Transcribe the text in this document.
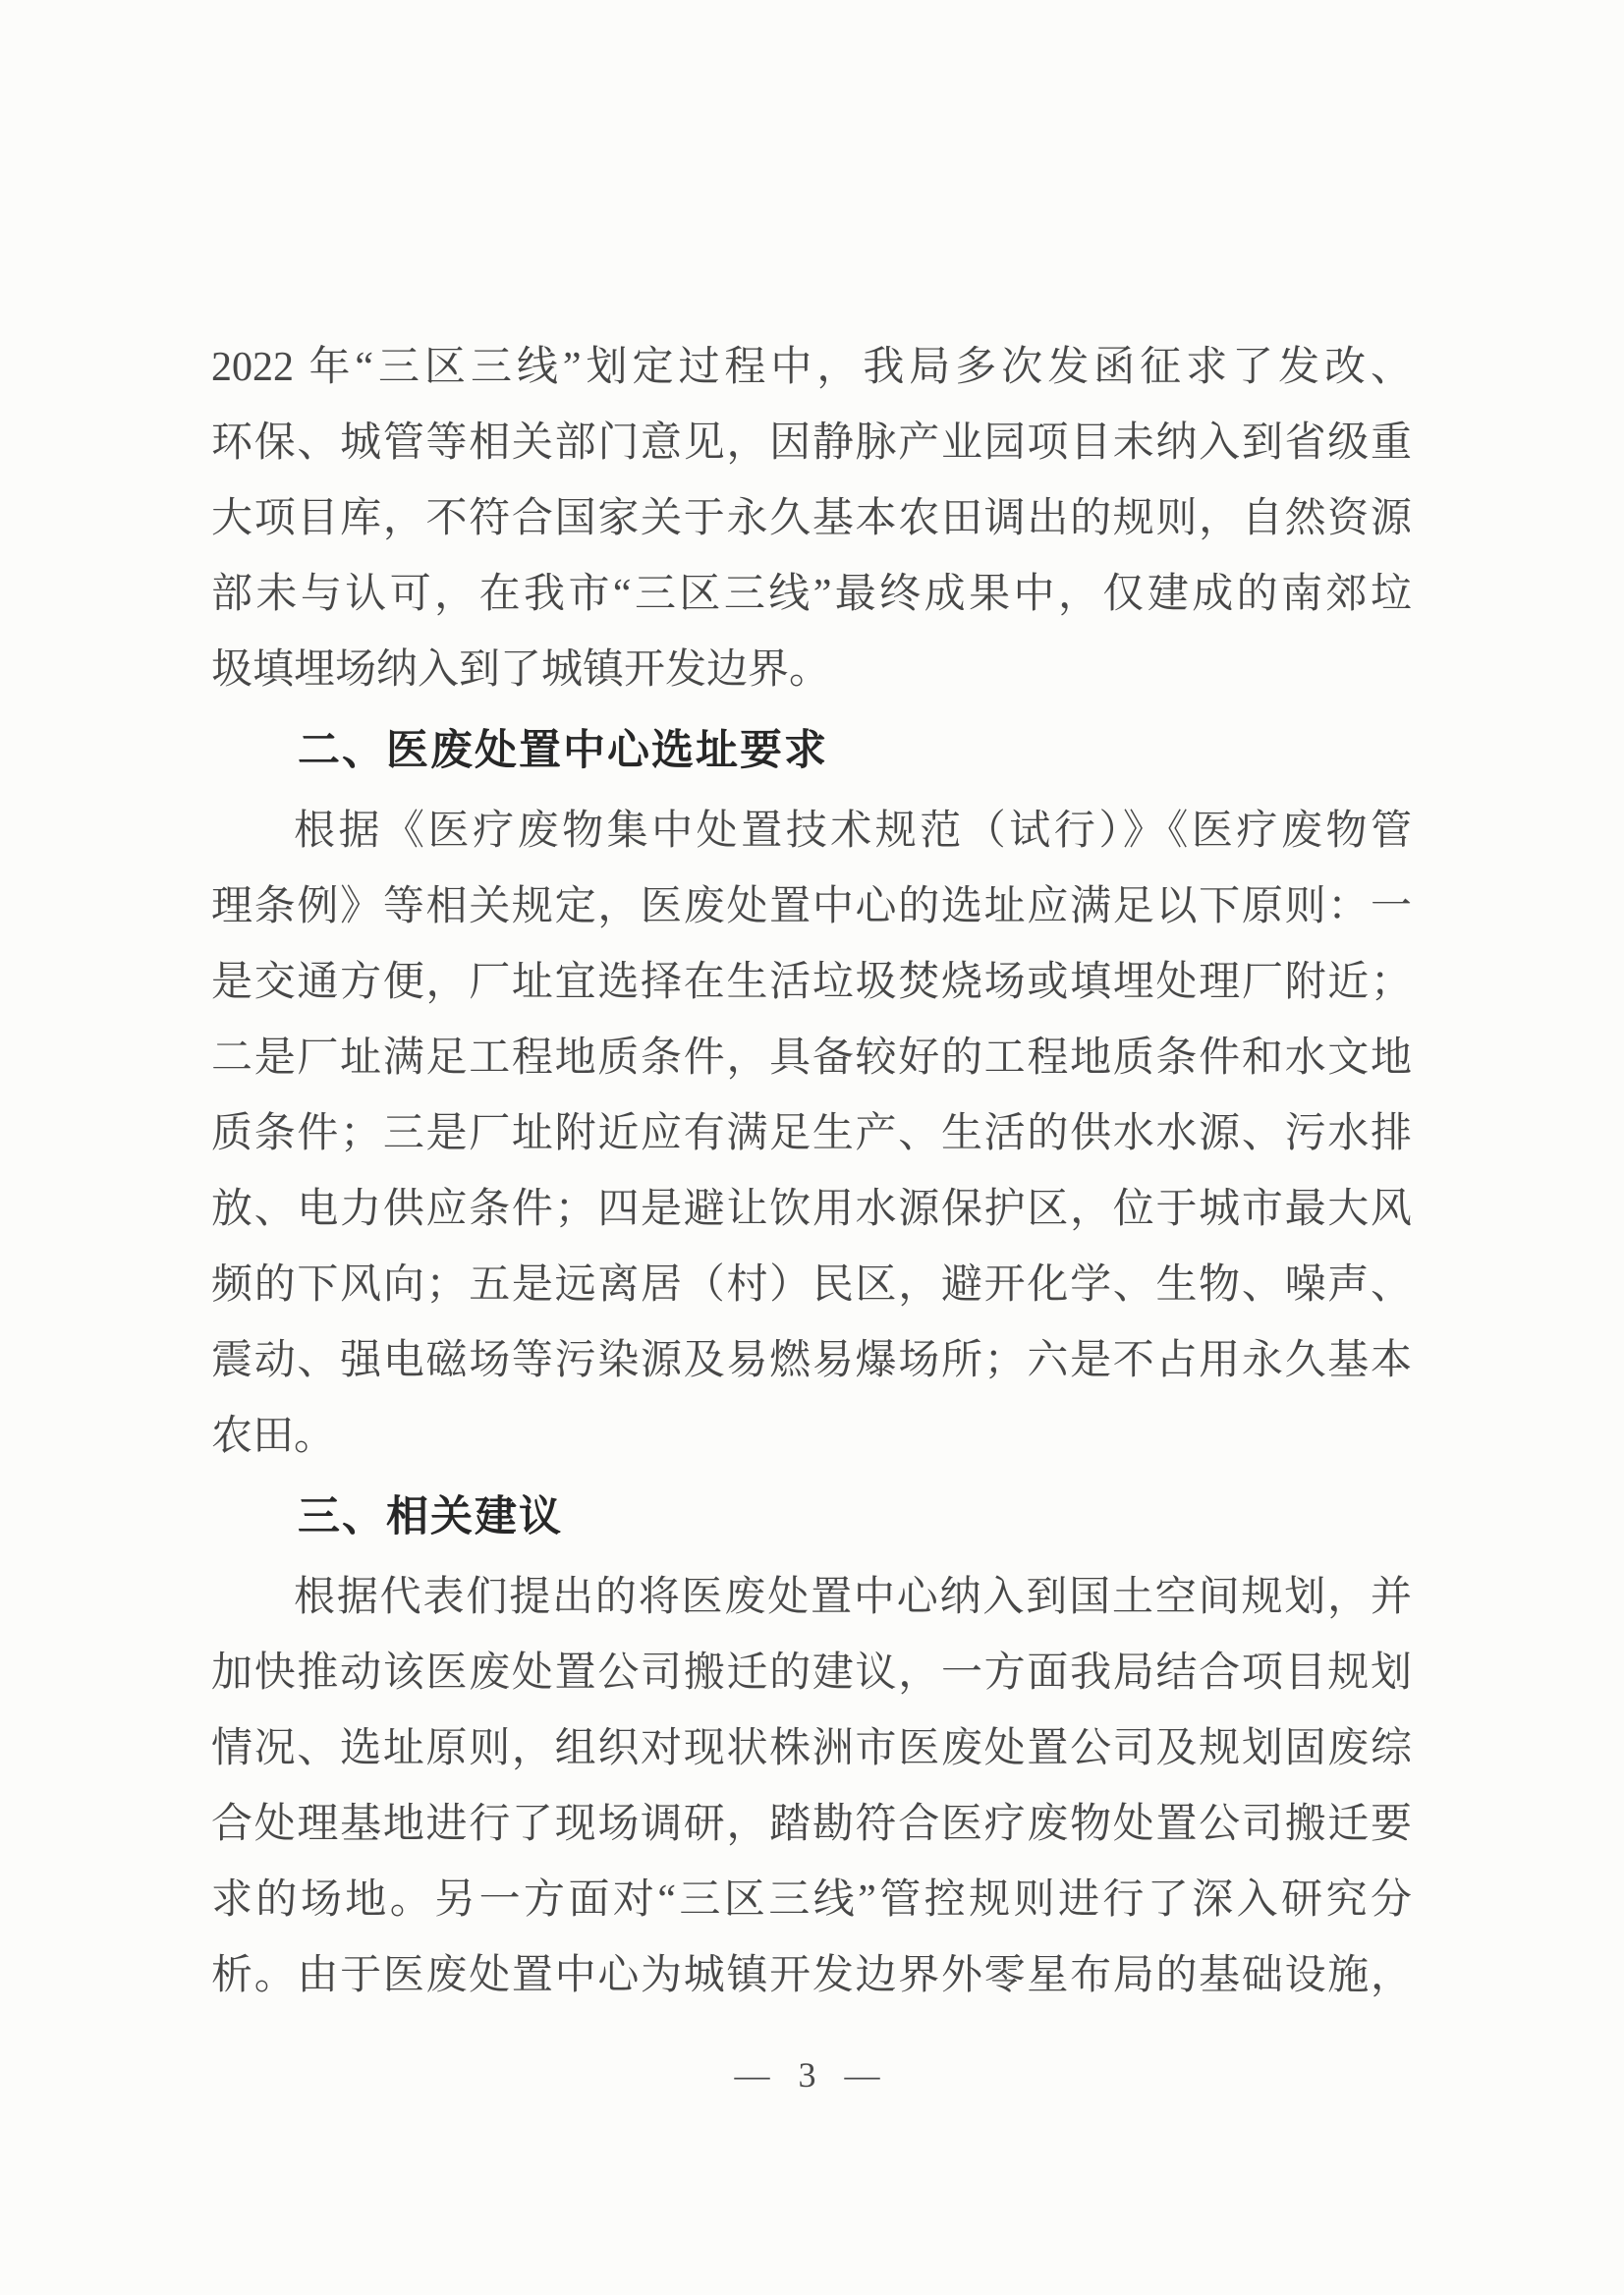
2022 年“三区三线”划定过程中，我局多次发函征求了发改、
环保、城管等相关部门意见，因静脉产业园项目未纳入到省级重
大项目库，不符合国家关于永久基本农田调出的规则，自然资源
部未与认可，在我市“三区三线”最终成果中，仅建成的南郊垃
圾填埋场纳入到了城镇开发边界。
二、医废处置中心选址要求
根据《医疗废物集中处置技术规范（试行）》《医疗废物管
理条例》等相关规定，医废处置中心的选址应满足以下原则：一
是交通方便，厂址宜选择在生活垃圾焚烧场或填埋处理厂附近；
二是厂址满足工程地质条件，具备较好的工程地质条件和水文地
质条件；三是厂址附近应有满足生产、生活的供水水源、污水排
放、电力供应条件；四是避让饮用水源保护区，位于城市最大风
频的下风向；五是远离居（村）民区，避开化学、生物、噪声、
震动、强电磁场等污染源及易燃易爆场所；六是不占用永久基本
农田。
三、相关建议
根据代表们提出的将医废处置中心纳入到国土空间规划，并
加快推动该医废处置公司搬迁的建议，一方面我局结合项目规划
情况、选址原则，组织对现状株洲市医废处置公司及规划固废综
合处理基地进行了现场调研，踏勘符合医疗废物处置公司搬迁要
求的场地。另一方面对“三区三线”管控规则进行了深入研究分
析。由于医废处置中心为城镇开发边界外零星布局的基础设施，
— 3 —
